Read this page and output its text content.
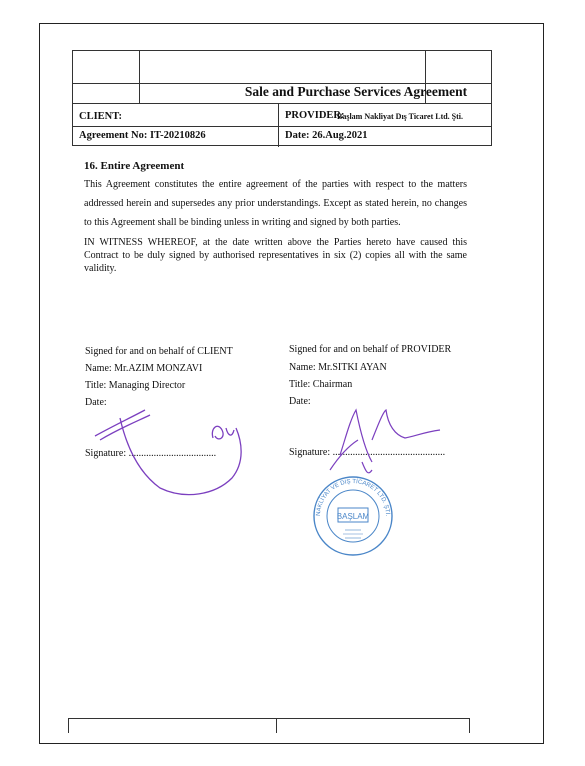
Sale and Purchase Services Agreement
CLIENT:	PROVIDER:
Başlam Nakliyat Dış Ticaret Ltd. Şti.
Agreement No: IT-20210826	Date: 26.Aug.2021
16. Entire Agreement
This Agreement constitutes the entire agreement of the parties with respect to the matters addressed herein and supersedes any prior understandings. Except as stated herein, no changes to this Agreement shall be binding unless in writing and signed by both parties.
IN WITNESS WHEREOF, at the date written above the Parties hereto have caused this Contract to be duly signed by authorised representatives in six (2) copies all with the same validity.
Signed for and on behalf of CLIENT
Name: Mr.AZIM MONZAVI
Title: Managing Director
Date:
Signature: ...................................
Signed for and on behalf of PROVIDER
Name: Mr.SITKI AYAN
Title: Chairman
Date:
Signature: .............................................
BAŞLAM
NAKLİYAT VE DIŞ TİCARET LTD. ŞTİ.
